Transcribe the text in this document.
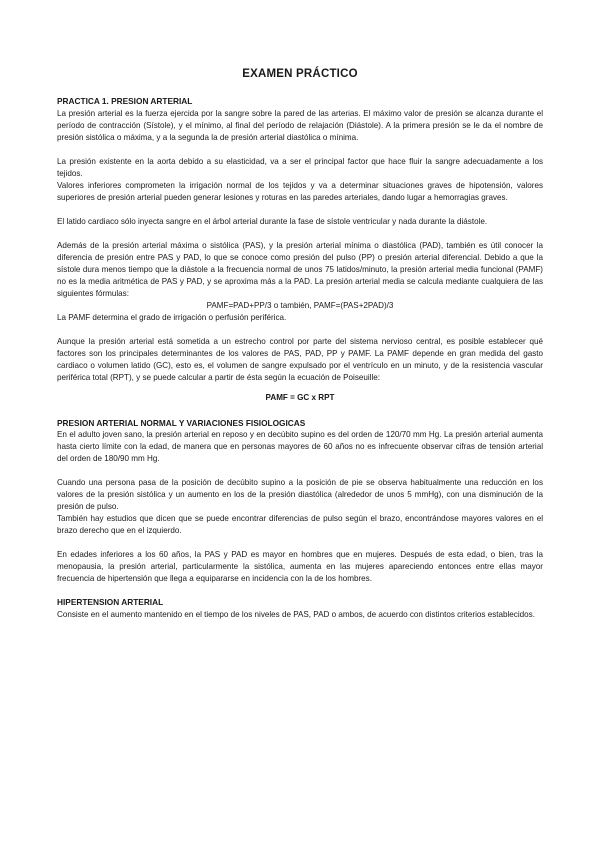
EXAMEN PRÁCTICO
PRACTICA 1. PRESION ARTERIAL

La presión arterial es la fuerza ejercida por la sangre sobre la pared de las arterias. El máximo valor de presión se alcanza durante el período de contracción (Sístole), y el mínimo, al final del período de relajación (Diástole). A la primera presión se le da el nombre de presión sistólica o máxima, y a la segunda la de presión arterial diastólica o mínima.

La presión existente en la aorta debido a su elasticidad, va a ser el principal factor que hace fluir la sangre adecuadamente a los tejidos.

Valores inferiores comprometen la irrigación normal de los tejidos y va a determinar situaciones graves de hipotensión, valores superiores de presión arterial pueden generar lesiones y roturas en las paredes arteriales, dando lugar a hemorragias graves.

El latido cardiaco sólo inyecta sangre en el árbol arterial durante la fase de sístole ventricular y nada durante la diástole.

Además de la presión arterial máxima o sistólica (PAS), y la presión arterial mínima o diastólica (PAD), también es útil conocer la diferencia de presión entre PAS y PAD, lo que se conoce como presión del pulso (PP) o presión arterial diferencial. Debido a que la sístole dura menos tiempo que la diástole a la frecuencia normal de unos 75 latidos/minuto, la presión arterial media funcional (PAMF) no es la media aritmética de PAS y PAD, y se aproxima más a la PAD. La presión arterial media se calcula mediante cualquiera de las siguientes fórmulas:

PAMF=PAD+PP/3 o también, PAMF=(PAS+2PAD)/3

La PAMF determina el grado de irrigación o perfusión periférica.

Aunque la presión arterial está sometida a un estrecho control por parte del sistema nervioso central, es posible establecer qué factores son los principales determinantes de los valores de PAS, PAD, PP y PAMF. La PAMF depende en gran medida del gasto cardiaco o volumen latido (GC), esto es, el volumen de sangre expulsado por el ventrículo en un minuto, y de la resistencia vascular periférica total (RPT), y se puede calcular a partir de ésta según la ecuación de Poiseuille:

PAMF = GC x RPT

PRESION ARTERIAL NORMAL Y VARIACIONES FISIOLOGICAS

En el adulto joven sano, la presión arterial en reposo y en decúbito supino es del orden de 120/70 mm Hg. La presión arterial aumenta hasta cierto límite con la edad, de manera que en personas mayores de 60 años no es infrecuente observar cifras de tensión arterial del orden de 180/90 mm Hg.

Cuando una persona pasa de la posición de decúbito supino a la posición de pie se observa habitualmente una reducción en los valores de la presión sistólica y un aumento en los de la presión diastólica (alrededor de unos 5 mmHg), con una disminución de la presión de pulso.

También hay estudios que dicen que se puede encontrar diferencias de pulso según el brazo, encontrándose mayores valores en el brazo derecho que en el izquierdo.

En edades inferiores a los 60 años, la PAS y PAD es mayor en hombres que en mujeres. Después de esta edad, o bien, tras la menopausia, la presión arterial, particularmente la sistólica, aumenta en las mujeres apareciendo entonces entre ellas mayor frecuencia de hipertensión que llega a equipararse en incidencia con la de los hombres.

HIPERTENSION ARTERIAL

Consiste en el aumento mantenido en el tiempo de los niveles de PAS, PAD o ambos, de acuerdo con distintos criterios establecidos.
